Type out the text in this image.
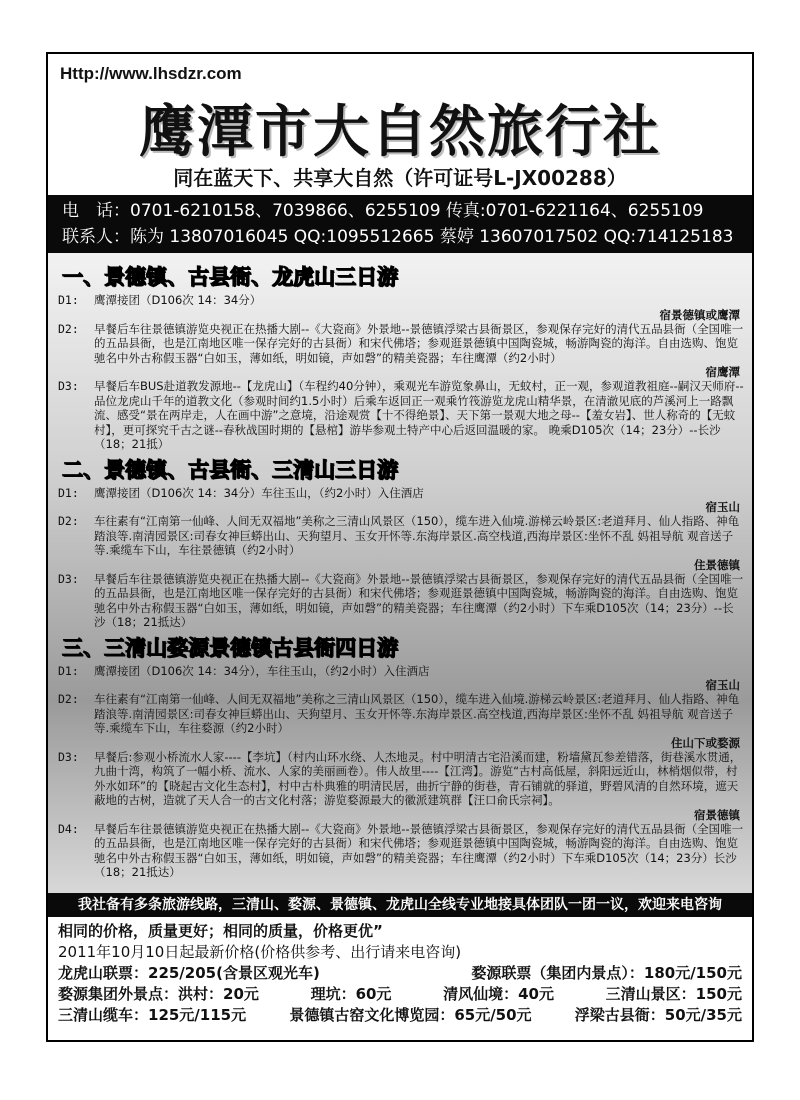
Http://www.lhsdzr.com
鹰潭市大自然旅行社
同在蓝天下、共享大自然（许可证号L-JX00288）
电　话：0701-6210158、7039866、6255109 传真:0701-6221164、6255109
联系人：陈为 13807016045 QQ:1095512665 蔡婷 13607017502 QQ:714125183
一、景德镇、古县衙、龙虎山三日游
D1:	鹰潭接团（D106次 14：34分）
宿景德镇或鹰潭
D2:	早餐后车往景德镇游览央视正在热播大剧--《大瓷商》外景地--景德镇浮梁古县衙景区，参观保存完好的清代五品县衙（全国唯一的五品县衙，也是江南地区唯一保存完好的古县衙）和宋代佛塔；参观逛景德镇中国陶瓷城，畅游陶瓷的海洋。自由选购、饱览驰名中外古称假玉器“白如玉，薄如纸，明如镜，声如磬”的精美瓷器；车往鹰潭（约2小时）
宿鹰潭
D3:	早餐后车BUS赴道教发源地--【龙虎山】（车程约40分钟），乘观光车游览象鼻山，无蚊村，正一观，参观道教祖庭--嗣汉天师府--品位龙虎山千年的道教文化（参观时间约1.5小时）后乘车返回正一观乘竹筏游览龙虎山精华景，在清澈见底的芦溪河上一路飘流、感受“景在两岸走，人在画中游”之意境，沿途观赏【十不得绝景】、天下第一景观大地之母--【羞女岩】、世人称奇的【无蚊村】，更可探究千古之谜--春秋战国时期的【悬棺】游毕参观土特产中心后返回温暖的家。 晚乘D105次（14；23分）--长沙（18；21抵）
二、景德镇、古县衙、三清山三日游
D1:	鹰潭接团（D106次 14：34分）车往玉山，（约2小时）入住酒店
宿玉山
D2:	车往素有“江南第一仙峰、人间无双福地”美称之三清山风景区（150），缆车进入仙境.游梯云岭景区:老道拜月、仙人指路、神龟踏浪等.南清园景区:司春女神巨蟒出山、天狗望月、玉女开怀等.东海岸景区.高空栈道,西海岸景区:坐怀不乱 妈祖导航 观音送子等.乘缆车下山，车往景德镇（约2小时）
住景德镇
D3:	早餐后车往景德镇游览央视正在热播大剧--《大瓷商》外景地--景德镇浮梁古县衙景区，参观保存完好的清代五品县衙（全国唯一的五品县衙，也是江南地区唯一保存完好的古县衙）和宋代佛塔；参观逛景德镇中国陶瓷城，畅游陶瓷的海洋。自由选购、饱览驰名中外古称假玉器“白如玉，薄如纸，明如镜，声如磬”的精美瓷器；车往鹰潭（约2小时）下车乘D105次（14；23分）--长沙（18；21抵达）
三、三清山婺源景德镇古县衙四日游
D1:	鹰潭接团（D106次 14：34分），车往玉山，（约2小时）入住酒店
宿玉山
D2:	车往素有“江南第一仙峰、人间无双福地”美称之三清山风景区（150），缆车进入仙境.游梯云岭景区:老道拜月、仙人指路、神龟踏浪等.南清园景区:司春女神巨蟒出山、天狗望月、玉女开怀等.东海岸景区.高空栈道,西海岸景区:坐怀不乱 妈祖导航 观音送子等.乘缆车下山，车往婺源（约2小时）
住山下或婺源
D3:	早餐后:参观小桥流水人家----【李坑】（村内山环水绕、人杰地灵。村中明清古宅沿溪而建，粉墙黛瓦参差错落，街巷溪水贯通，九曲十湾，构筑了一幅小桥、流水、人家的美丽画卷）。伟人故里----【江湾】。游览“古村高低屋，斜阳远近山，林梢烟似带，村外水如环”的【晓起古文化生态村】，村中古朴典雅的明清民居，曲折宁静的街巷，青石铺就的驿道，野碧风清的自然环境，遮天蔽地的古树，造就了天人合一的古文化村落；游览婺源最大的徽派建筑群【汪口俞氏宗祠】。
宿景德镇
D4:	早餐后车往景德镇游览央视正在热播大剧--《大瓷商》外景地--景德镇浮梁古县衙景区，参观保存完好的清代五品县衙（全国唯一的五品县衙，也是江南地区唯一保存完好的古县衙）和宋代佛塔；参观逛景德镇中国陶瓷城，畅游陶瓷的海洋。自由选购、饱览驰名中外古称假玉器“白如玉，薄如纸，明如镜，声如磬”的精美瓷器；车往鹰潭（约2小时）下车乘D105次（14；23分）长沙（18；21抵达）
我社备有多条旅游线路，三清山、婺源、景德镇、龙虎山全线专业地接具体团队一团一议，欢迎来电咨询
相同的价格，质量更好；相同的质量，价格更优”
2011年10月10日起最新价格(价格供参考、出行请来电咨询)
龙虎山联票：225/205(含景区观光车)	婺源联票（集团内景点）：180元/150元
婺源集团外景点：洪村：20元	理坑：60元	清风仙境：40元	三清山景区：150元
三清山缆车：125元/115元	景德镇古窑文化博览园：65元/50元	浮梁古县衙：50元/35元
